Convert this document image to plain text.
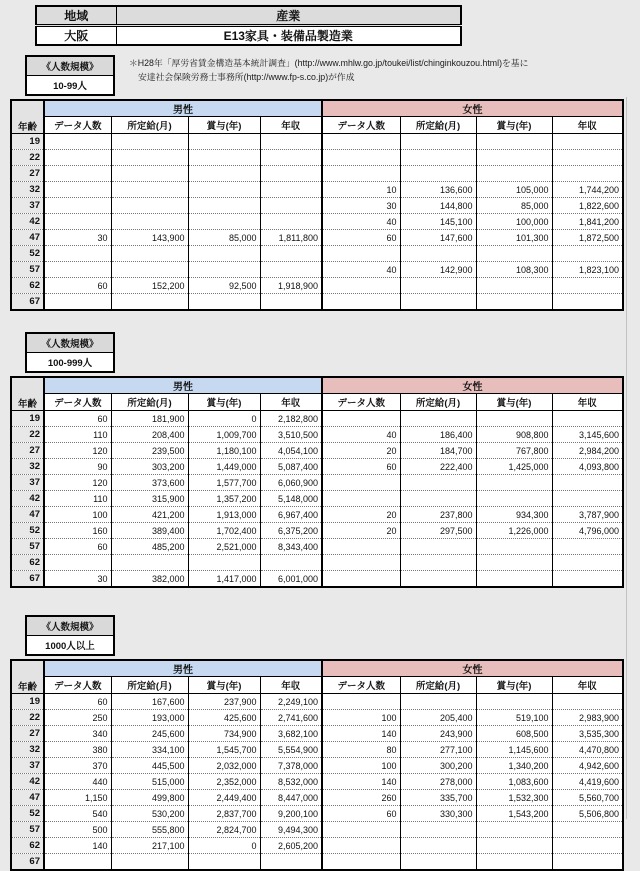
地域	産業
大阪	E13家具・装備品製造業
《人数規模》
10-99人
＊H28年「厚労省賃金構造基本統計調査」(http://www.mhlw.go.jp/toukei/list/chinginkouzou.html)を基に
安達社会保険労務士事務所(http://www.fp-s.co.jp)が作成
年齢	男性				女性			
	データ人数	所定給(月)	賞与(年)	年収	データ人数	所定給(月)	賞与(年)	年収
19								
22								
27								
32					10	136,600	105,000	1,744,200
37					30	144,800	85,000	1,822,600
42					40	145,100	100,000	1,841,200
47	30	143,900	85,000	1,811,800	60	147,600	101,300	1,872,500
52								
57					40	142,900	108,300	1,823,100
62	60	152,200	92,500	1,918,900				
67								
《人数規模》
100-999人
年齢	男性				女性			
	データ人数	所定給(月)	賞与(年)	年収	データ人数	所定給(月)	賞与(年)	年収
19	60	181,900	0	2,182,800				
22	110	208,400	1,009,700	3,510,500	40	186,400	908,800	3,145,600
27	120	239,500	1,180,100	4,054,100	20	184,700	767,800	2,984,200
32	90	303,200	1,449,000	5,087,400	60	222,400	1,425,000	4,093,800
37	120	373,600	1,577,700	6,060,900				
42	110	315,900	1,357,200	5,148,000				
47	100	421,200	1,913,000	6,967,400	20	237,800	934,300	3,787,900
52	160	389,400	1,702,400	6,375,200	20	297,500	1,226,000	4,796,000
57	60	485,200	2,521,000	8,343,400				
62								
67	30	382,000	1,417,000	6,001,000				
《人数規模》
1000人以上
年齢	男性				女性			
	データ人数	所定給(月)	賞与(年)	年収	データ人数	所定給(月)	賞与(年)	年収
19	60	167,600	237,900	2,249,100				
22	250	193,000	425,600	2,741,600	100	205,400	519,100	2,983,900
27	340	245,600	734,900	3,682,100	140	243,900	608,500	3,535,300
32	380	334,100	1,545,700	5,554,900	80	277,100	1,145,600	4,470,800
37	370	445,500	2,032,000	7,378,000	100	300,200	1,340,200	4,942,600
42	440	515,000	2,352,000	8,532,000	140	278,000	1,083,600	4,419,600
47	1,150	499,800	2,449,400	8,447,000	260	335,700	1,532,300	5,560,700
52	540	530,200	2,837,700	9,200,100	60	330,300	1,543,200	5,506,800
57	500	555,800	2,824,700	9,494,300				
62	140	217,100	0	2,605,200				
67								
